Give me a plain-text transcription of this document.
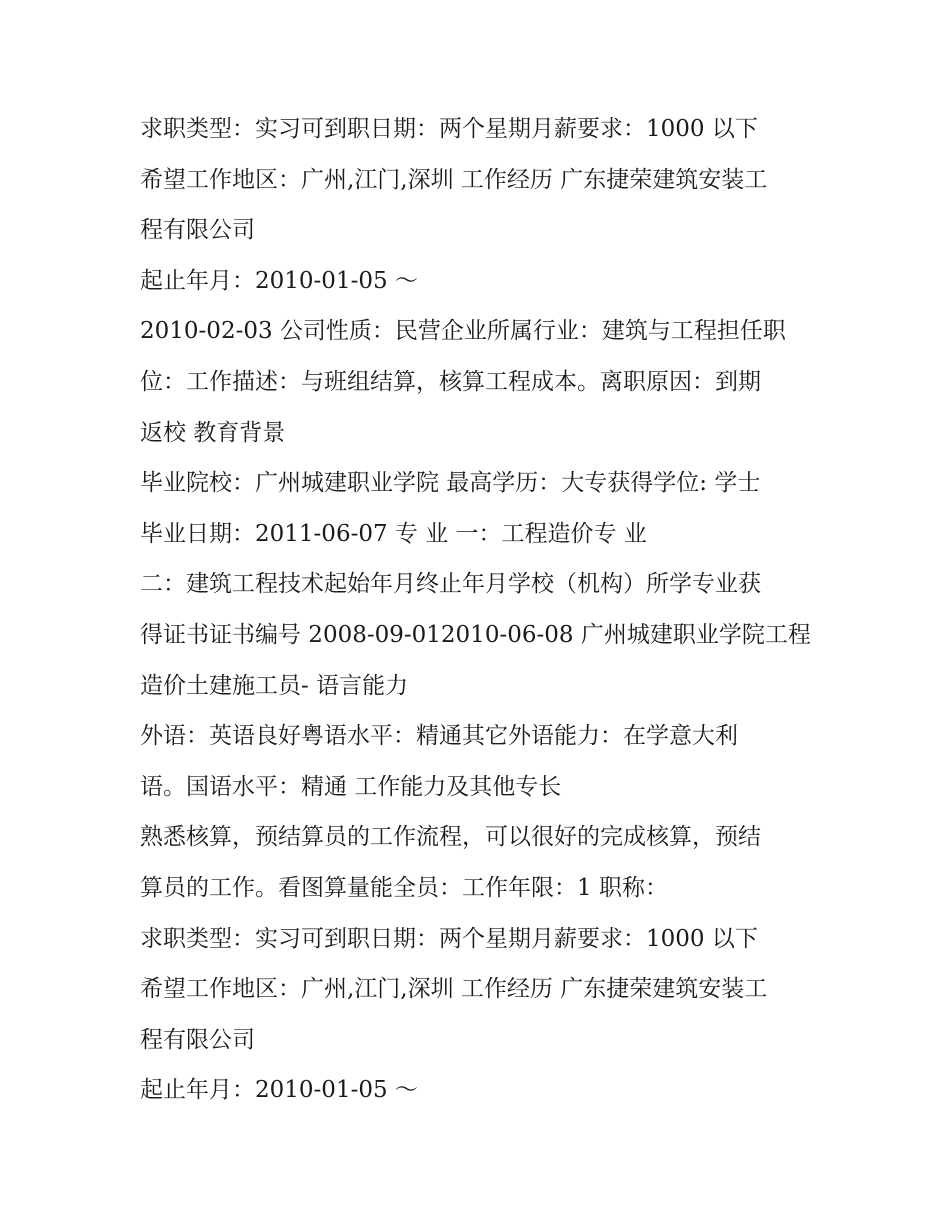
求职类型：实习可到职日期：两个星期月薪要求：1000 以下
希望工作地区：广州,江门,深圳 工作经历 广东捷荣建筑安装工
程有限公司
起止年月：2010-01-05 ～
2010-02-03 公司性质：民营企业所属行业：建筑与工程担任职
位：工作描述：与班组结算，核算工程成本。离职原因：到期
返校 教育背景
毕业院校：广州城建职业学院 最高学历：大专获得学位: 学士
毕业日期：2011-06-07 专 业 一：工程造价专 业
二：建筑工程技术起始年月终止年月学校（机构）所学专业获
得证书证书编号 2008-09-012010-06-08 广州城建职业学院工程
造价土建施工员- 语言能力
外语：英语良好粤语水平：精通其它外语能力：在学意大利
语。国语水平：精通 工作能力及其他专长
熟悉核算，预结算员的工作流程，可以很好的完成核算，预结
算员的工作。看图算量能全员：工作年限：1 职称：
求职类型：实习可到职日期：两个星期月薪要求：1000 以下
希望工作地区：广州,江门,深圳 工作经历 广东捷荣建筑安装工
程有限公司
起止年月：2010-01-05 ～
